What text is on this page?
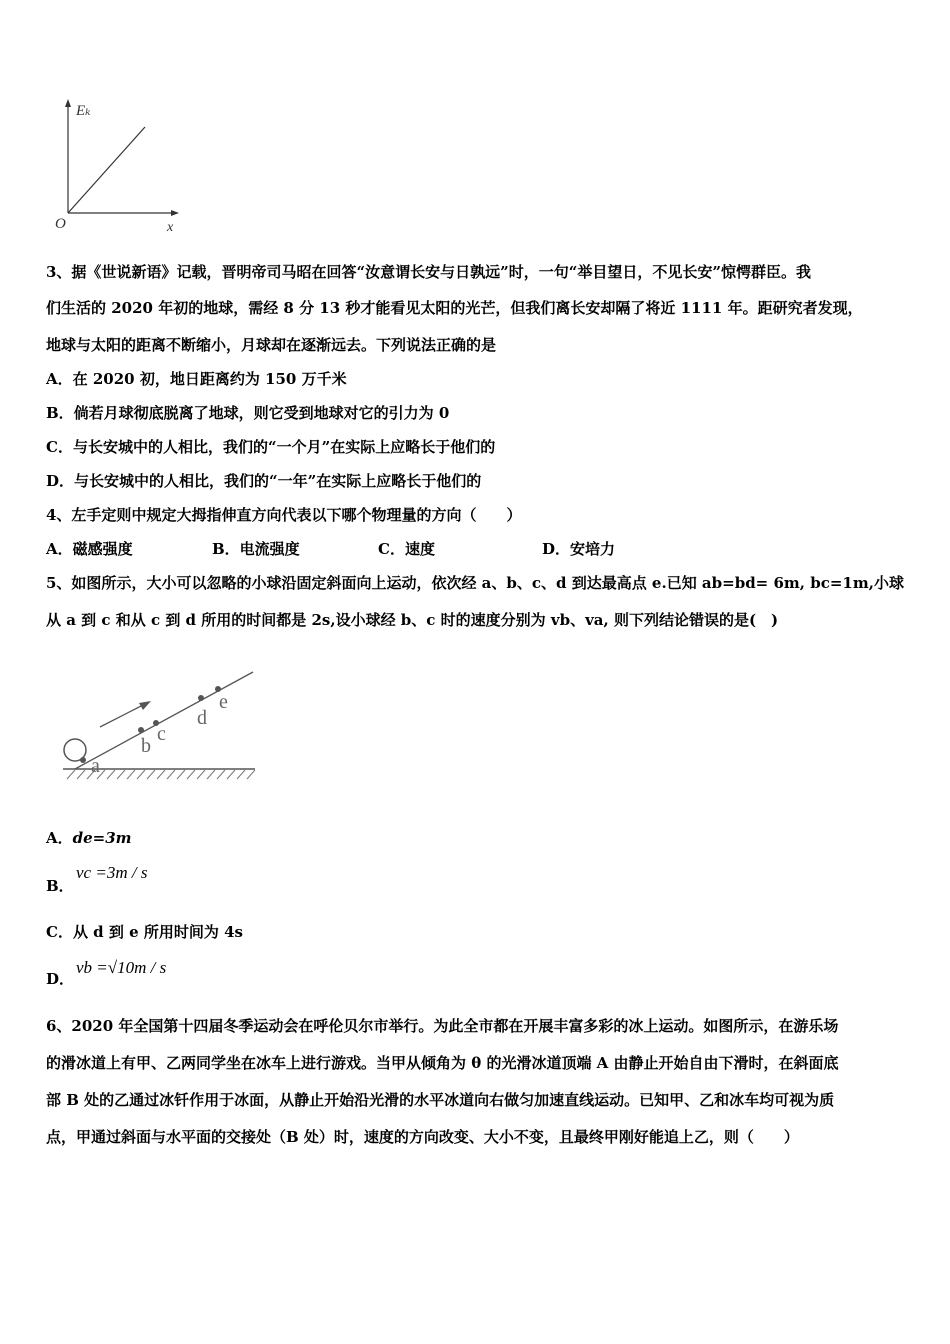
Eₖ
O	x
3、据《世说新语》记载，晋明帝司马昭在回答“汝意谓长安与日孰远”时，一句“举目望日，不见长安”惊愕群臣。我
们生活的 2020 年初的地球，需经 8 分 13 秒才能看见太阳的光芒，但我们离长安却隔了将近 1111 年。距研究者发现，
地球与太阳的距离不断缩小，月球却在逐渐远去。下列说法正确的是
A．在 2020 初，地日距离约为 150 万千米
B．倘若月球彻底脱离了地球，则它受到地球对它的引力为 0
C．与长安城中的人相比，我们的“一个月”在实际上应略长于他们的
D．与长安城中的人相比，我们的“一年”在实际上应略长于他们的
4、左手定则中规定大拇指伸直方向代表以下哪个物理量的方向（　　）
A．磁感强度	B．电流强度	C．速度	D．安培力
5、如图所示，大小可以忽略的小球沿固定斜面向上运动，依次经 a、b、c、d 到达最高点 e.已知 ab=bd= 6m, bc=1m,小球
从 a 到 c 和从 c 到 d 所用的时间都是 2s,设小球经 b、c 时的速度分别为 vb、va, 则下列结论错误的是(　)
a
b
c
d
e
A．de=3m
B．
vc =3m / s
C．从 d 到 e 所用时间为 4s
D．
vb =√10m / s
6、2020 年全国第十四届冬季运动会在呼伦贝尔市举行。为此全市都在开展丰富多彩的冰上运动。如图所示，在游乐场
的滑冰道上有甲、乙两同学坐在冰车上进行游戏。当甲从倾角为 θ 的光滑冰道顶端 A 由静止开始自由下滑时，在斜面底
部 B 处的乙通过冰钎作用于冰面，从静止开始沿光滑的水平冰道向右做匀加速直线运动。已知甲、乙和冰车均可视为质
点，甲通过斜面与水平面的交接处（B 处）时，速度的方向改变、大小不变，且最终甲刚好能追上乙，则（　　）
